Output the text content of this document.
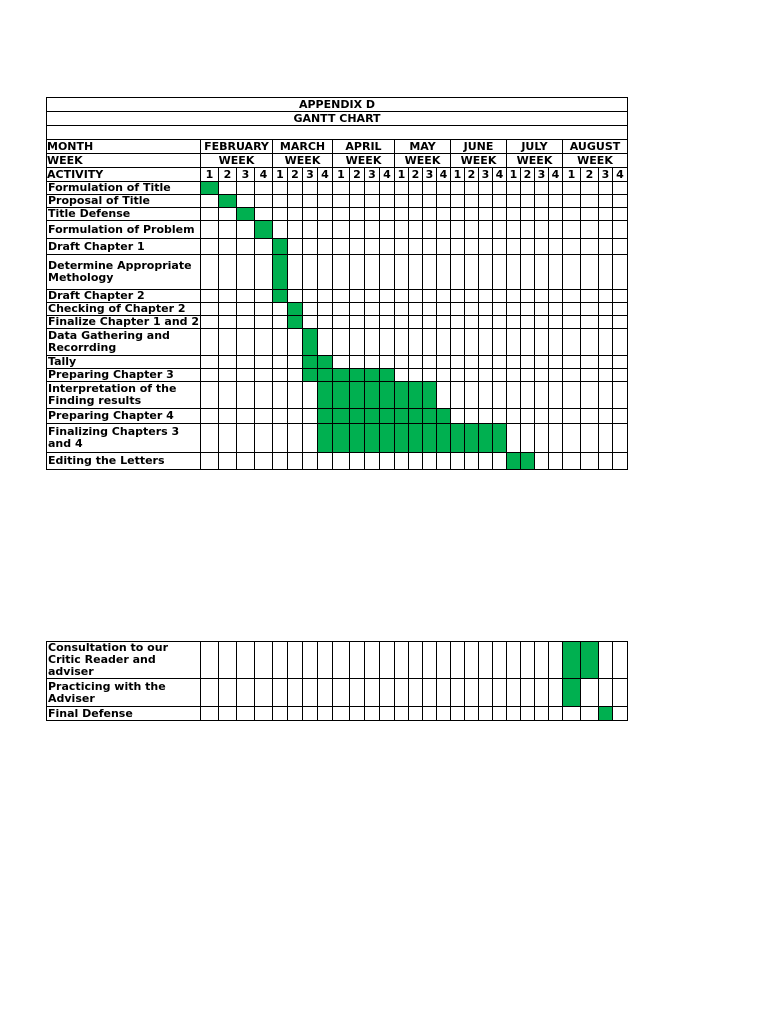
APPENDIX D																												
GANTT CHART																												

MONTH	FEBRUARY				MARCH				APRIL				MAY				JUNE				JULY				AUGUST			
WEEK	WEEK				WEEK				WEEK				WEEK				WEEK				WEEK				WEEK			
ACTIVITY	1	2	3	4	1	2	3	4	1	2	3	4	1	2	3	4	1	2	3	4	1	2	3	4	1	2	3	4
Formulation of Title																												
Proposal of Title																												
Title Defense																												
Formulation of Problem																												
Draft Chapter 1																												
Determine Appropriate Methology																												
Draft Chapter 2																												
Checking of Chapter 2																												
Finalize Chapter 1 and 2																												
Data Gathering and Recorrding																												
Tally																												
Preparing Chapter 3																												
Interpretation of the Finding results																												
Preparing Chapter 4																												
Finalizing Chapters 3 and 4																												
Editing the Letters																												
Consultation to our Critic Reader and adviser																												
Practicing with the Adviser																												
Final Defense																												
